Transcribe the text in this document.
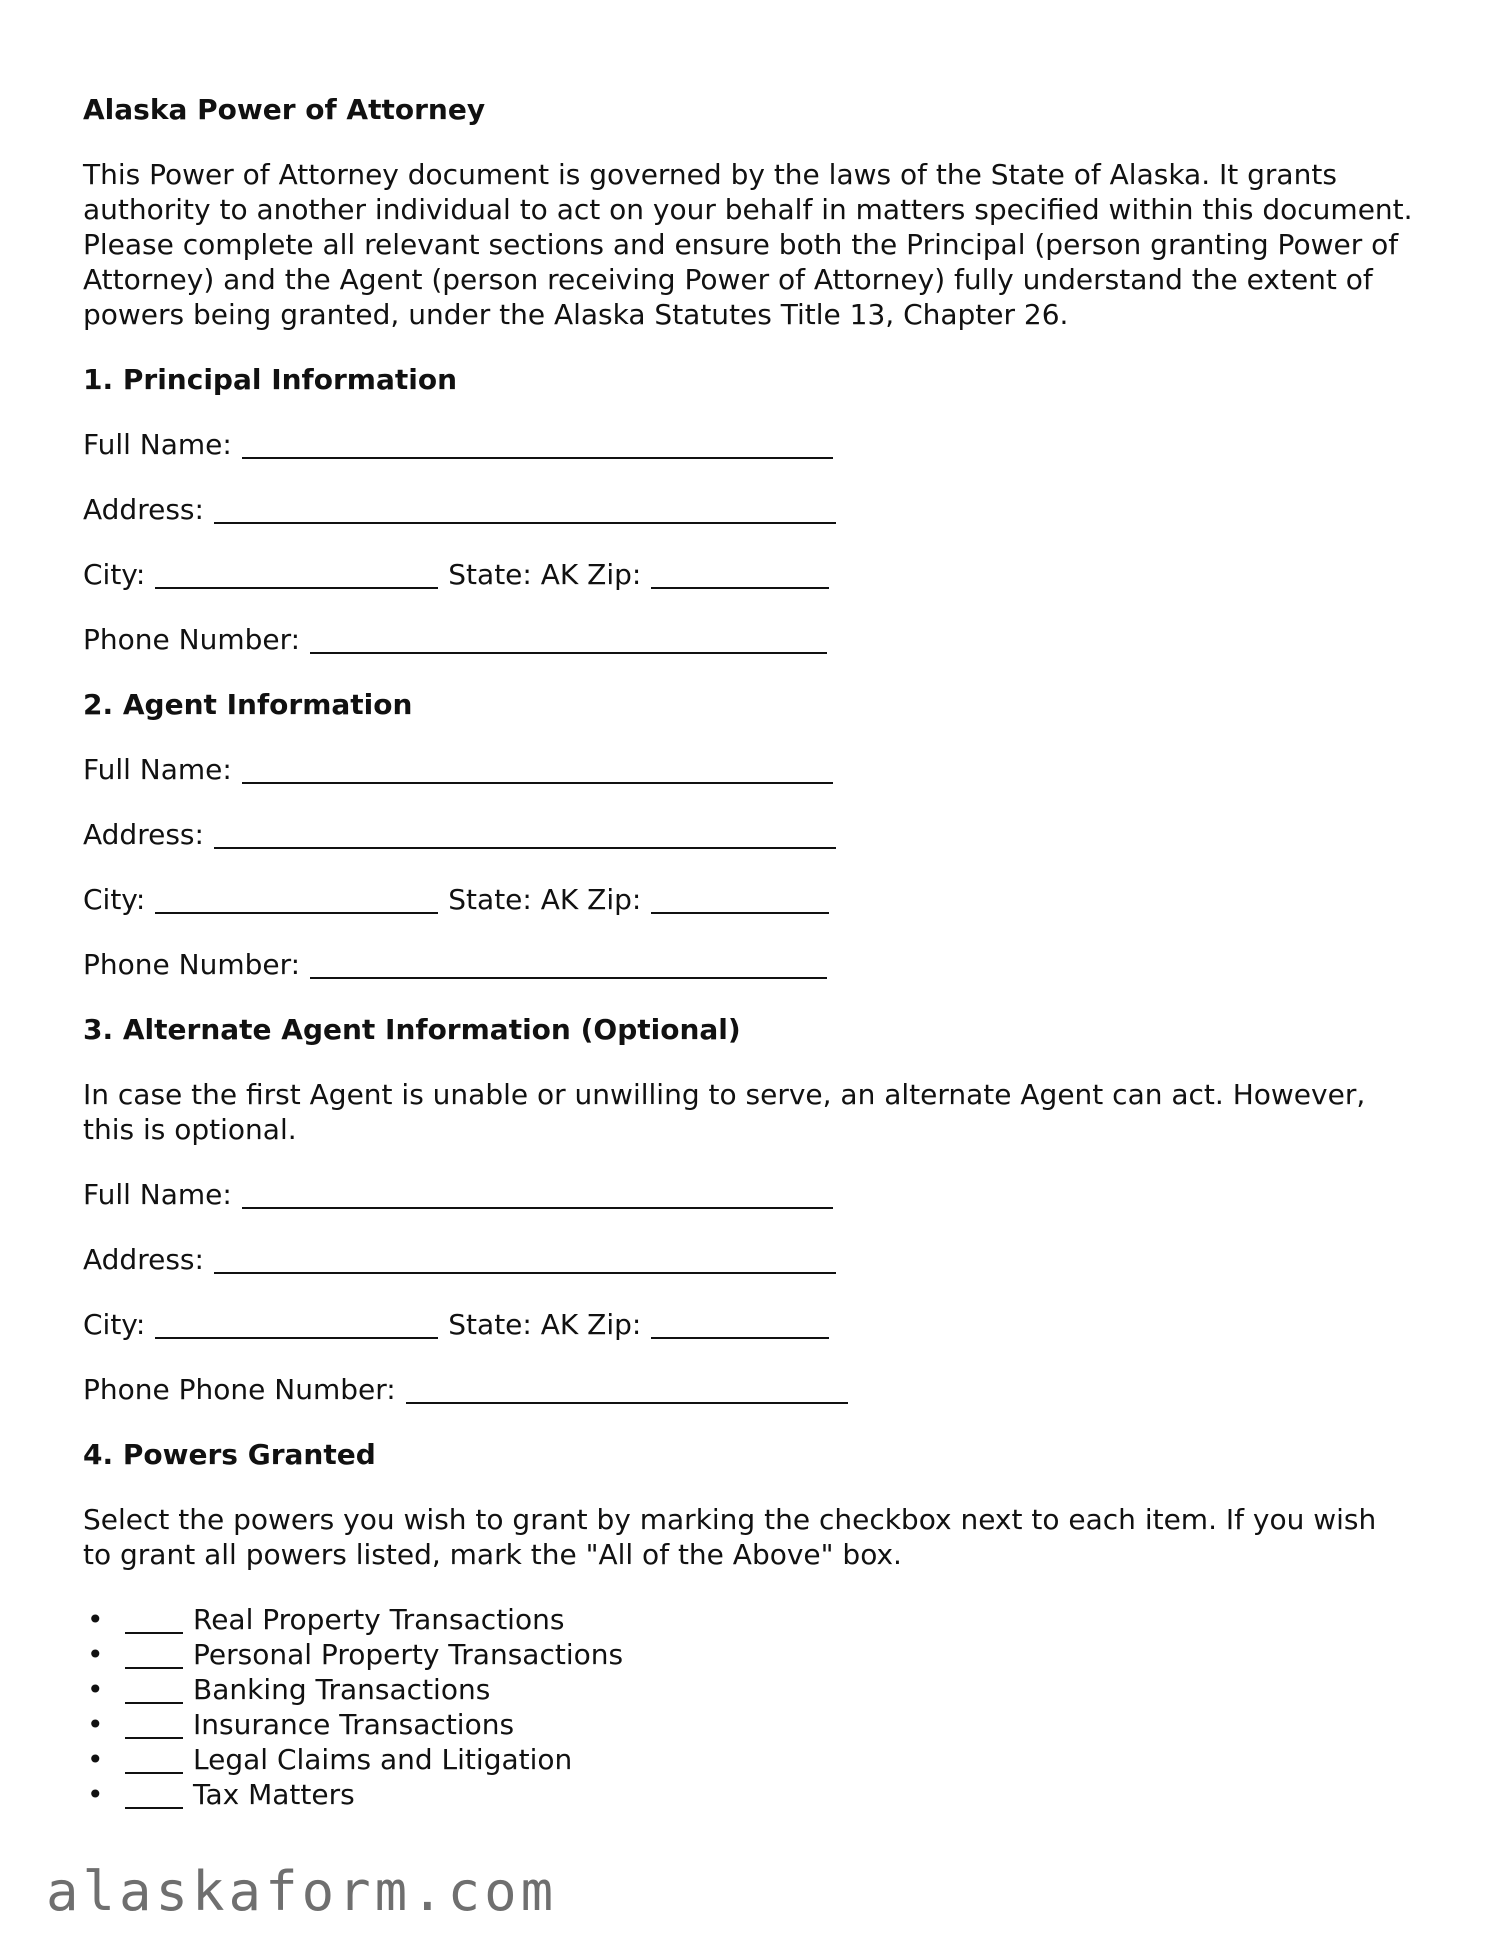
Alaska Power of Attorney
This Power of Attorney document is governed by the laws of the State of Alaska. It grants authority to another individual to act on your behalf in matters specified within this document. Please complete all relevant sections and ensure both the Principal (person granting Power of Attorney) and the Agent (person receiving Power of Attorney) fully understand the extent of powers being granted, under the Alaska Statutes Title 13, Chapter 26.
1. Principal Information
Full Name:
Address:
City:	State: AK Zip:
Phone Number:
2. Agent Information
Full Name:
Address:
City:	State: AK Zip:
Phone Number:
3. Alternate Agent Information (Optional)
In case the first Agent is unable or unwilling to serve, an alternate Agent can act. However, this is optional.
Full Name:
Address:
City:	State: AK Zip:
Phone Phone Number:
4. Powers Granted
Select the powers you wish to grant by marking the checkbox next to each item. If you wish to grant all powers listed, mark the "All of the Above" box.
•	Real Property Transactions
•	Personal Property Transactions
•	Banking Transactions
•	Insurance Transactions
•	Legal Claims and Litigation
•	Tax Matters
alaskaform.com
